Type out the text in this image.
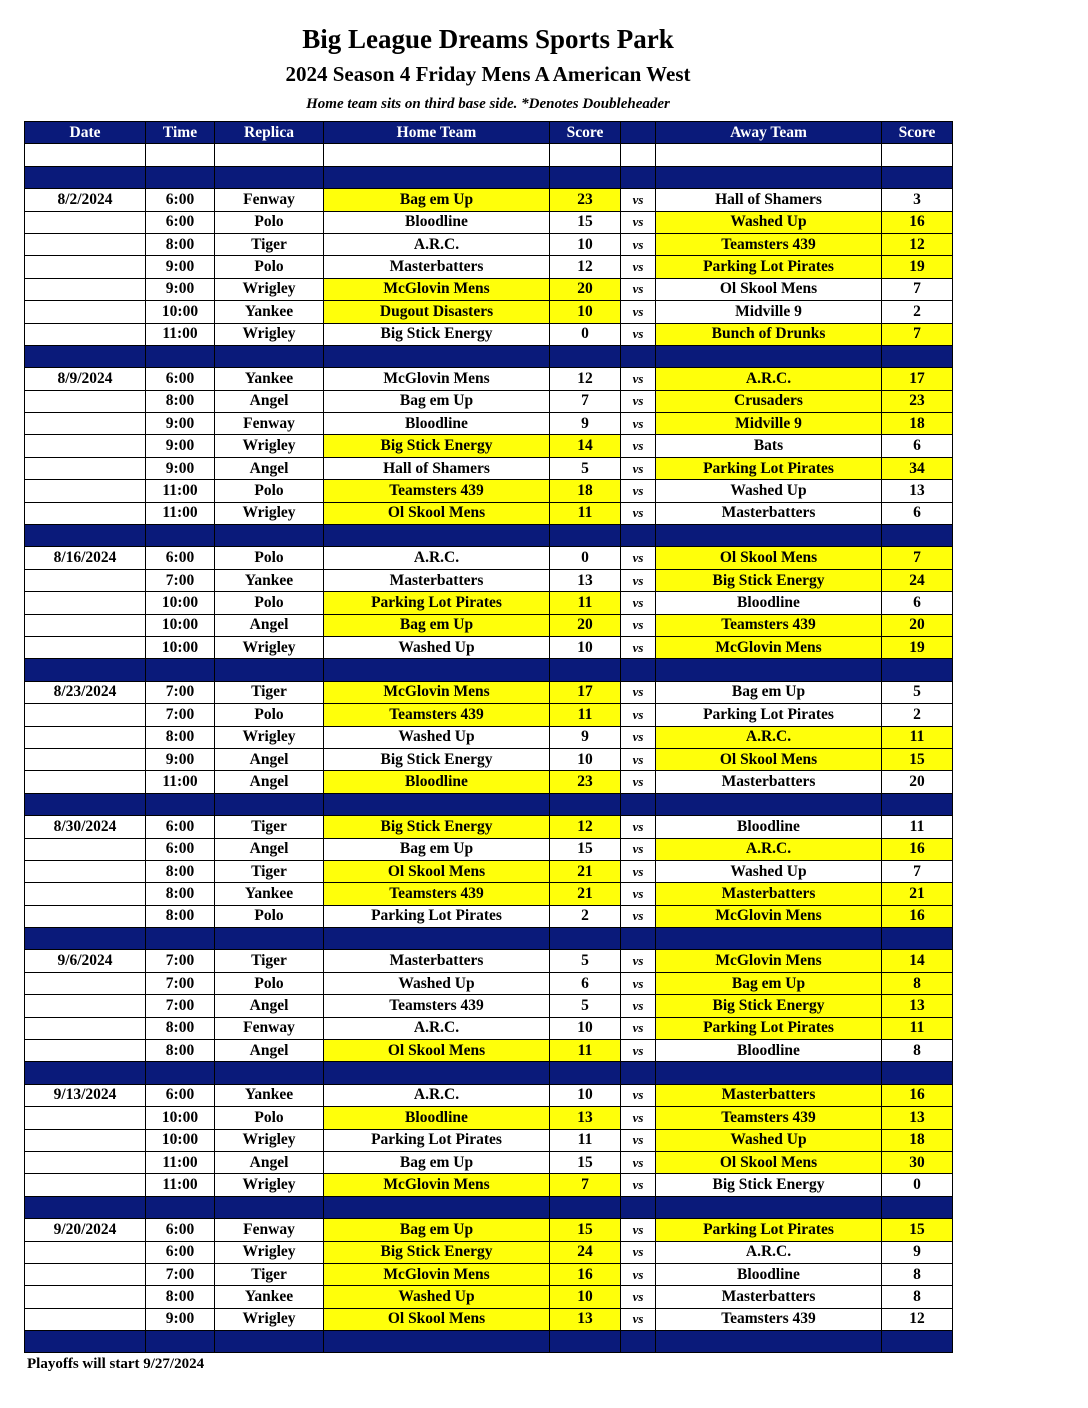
Big League Dreams Sports Park
2024 Season 4 Friday Mens A American West
Home team sits on third base side. *Denotes Doubleheader
Date	Time	Replica	Home Team	Score		Away Team	Score

8/2/2024	6:00	Fenway	Bag em Up	23	vs	Hall of Shamers	3
	6:00	Polo	Bloodline	15	vs	Washed Up	16
	8:00	Tiger	A.R.C.	10	vs	Teamsters 439	12
	9:00	Polo	Masterbatters	12	vs	Parking Lot Pirates	19
	9:00	Wrigley	McGlovin Mens	20	vs	Ol Skool Mens	7
	10:00	Yankee	Dugout Disasters	10	vs	Midville 9	2
	11:00	Wrigley	Big Stick Energy	0	vs	Bunch of Drunks	7

8/9/2024	6:00	Yankee	McGlovin Mens	12	vs	A.R.C.	17
	8:00	Angel	Bag em Up	7	vs	Crusaders	23
	9:00	Fenway	Bloodline	9	vs	Midville 9	18
	9:00	Wrigley	Big Stick Energy	14	vs	Bats	6
	9:00	Angel	Hall of Shamers	5	vs	Parking Lot Pirates	34
	11:00	Polo	Teamsters 439	18	vs	Washed Up	13
	11:00	Wrigley	Ol Skool Mens	11	vs	Masterbatters	6

8/16/2024	6:00	Polo	A.R.C.	0	vs	Ol Skool Mens	7
	7:00	Yankee	Masterbatters	13	vs	Big Stick Energy	24
	10:00	Polo	Parking Lot Pirates	11	vs	Bloodline	6
	10:00	Angel	Bag em Up	20	vs	Teamsters 439	20
	10:00	Wrigley	Washed Up	10	vs	McGlovin Mens	19

8/23/2024	7:00	Tiger	McGlovin Mens	17	vs	Bag em Up	5
	7:00	Polo	Teamsters 439	11	vs	Parking Lot Pirates	2
	8:00	Wrigley	Washed Up	9	vs	A.R.C.	11
	9:00	Angel	Big Stick Energy	10	vs	Ol Skool Mens	15
	11:00	Angel	Bloodline	23	vs	Masterbatters	20

8/30/2024	6:00	Tiger	Big Stick Energy	12	vs	Bloodline	11
	6:00	Angel	Bag em Up	15	vs	A.R.C.	16
	8:00	Tiger	Ol Skool Mens	21	vs	Washed Up	7
	8:00	Yankee	Teamsters 439	21	vs	Masterbatters	21
	8:00	Polo	Parking Lot Pirates	2	vs	McGlovin Mens	16

9/6/2024	7:00	Tiger	Masterbatters	5	vs	McGlovin Mens	14
	7:00	Polo	Washed Up	6	vs	Bag em Up	8
	7:00	Angel	Teamsters 439	5	vs	Big Stick Energy	13
	8:00	Fenway	A.R.C.	10	vs	Parking Lot Pirates	11
	8:00	Angel	Ol Skool Mens	11	vs	Bloodline	8

9/13/2024	6:00	Yankee	A.R.C.	10	vs	Masterbatters	16
	10:00	Polo	Bloodline	13	vs	Teamsters 439	13
	10:00	Wrigley	Parking Lot Pirates	11	vs	Washed Up	18
	11:00	Angel	Bag em Up	15	vs	Ol Skool Mens	30
	11:00	Wrigley	McGlovin Mens	7	vs	Big Stick Energy	0

9/20/2024	6:00	Fenway	Bag em Up	15	vs	Parking Lot Pirates	15
	6:00	Wrigley	Big Stick Energy	24	vs	A.R.C.	9
	7:00	Tiger	McGlovin Mens	16	vs	Bloodline	8
	8:00	Yankee	Washed Up	10	vs	Masterbatters	8
	9:00	Wrigley	Ol Skool Mens	13	vs	Teamsters 439	12

Playoffs will start 9/27/2024
